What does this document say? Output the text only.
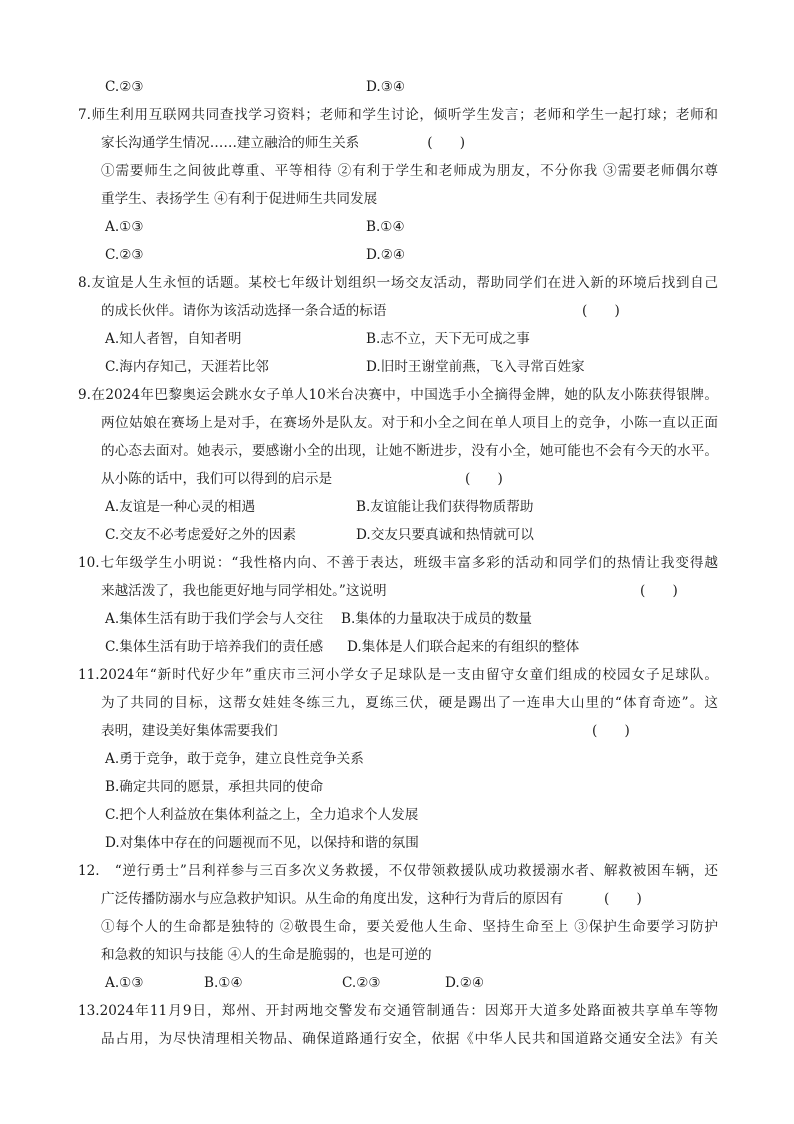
C.②③	D.③④
7.师生利用互联网共同查找学习资料；老师和学生讨论，倾听学生发言；老师和学生一起打球；老师和
家长沟通学生情况……建立融洽的师生关系　　　　　(　　)
①需要师生之间彼此尊重、平等相待 ②有利于学生和老师成为朋友，不分你我 ③需要老师偶尔尊
重学生、表扬学生 ④有利于促进师生共同发展
A.①③	B.①④
C.②③	D.②④
8.友谊是人生永恒的话题。某校七年级计划组织一场交友活动，帮助同学们在进入新的环境后找到自己
的成长伙伴。请你为该活动选择一条合适的标语	(　　)
A.知人者智，自知者明	B.志不立，天下无可成之事
C.海内存知己，天涯若比邻	D.旧时王谢堂前燕，飞入寻常百姓家
9.在2024年巴黎奥运会跳水女子单人10米台决赛中，中国选手小全摘得金牌，她的队友小陈获得银牌。
两位姑娘在赛场上是对手，在赛场外是队友。对于和小全之间在单人项目上的竞争，小陈一直以正面
的心态去面对。她表示，要感谢小全的出现，让她不断进步，没有小全，她可能也不会有今天的水平。
从小陈的话中，我们可以得到的启示是	(　　)
A.友谊是一种心灵的相遇	B.友谊能让我们获得物质帮助
C.交友不必考虑爱好之外的因素	D.交友只要真诚和热情就可以
10.七年级学生小明说：“我性格内向、不善于表达，班级丰富多彩的活动和同学们的热情让我变得越
来越活泼了，我也能更好地与同学相处。”这说明	(　　)
A.集体生活有助于我们学会与人交往 B.集体的力量取决于成员的数量
C.集体生活有助于培养我们的责任感 D.集体是人们联合起来的有组织的整体
11.2024年“新时代好少年”重庆市三河小学女子足球队是一支由留守女童们组成的校园女子足球队。
为了共同的目标，这帮女娃娃冬练三九，夏练三伏，硬是踢出了一连串大山里的“体育奇迹”。这
表明，建设美好集体需要我们	(　　)
A.勇于竞争，敢于竞争，建立良性竞争关系
B.确定共同的愿景，承担共同的使命
C.把个人利益放在集体利益之上，全力追求个人发展
D.对集体中存在的问题视而不见，以保持和谐的氛围
12.　“逆行勇士”吕利祥参与三百多次义务救援，不仅带领救援队成功救援溺水者、解救被困车辆，还
广泛传播防溺水与应急救护知识。从生命的角度出发，这种行为背后的原因有	(　　)
①每个人的生命都是独特的 ②敬畏生命，要关爱他人生命、坚持生命至上 ③保护生命要学习防护
和急救的知识与技能 ④人的生命是脆弱的，也是可逆的
A.①③	B.①④	C.②③	D.②④
13.2024年11月9日，郑州、开封两地交警发布交通管制通告：因郑开大道多处路面被共享单车等物
品占用，为尽快清理相关物品、确保道路通行安全，依据《中华人民共和国道路交通安全法》有关
